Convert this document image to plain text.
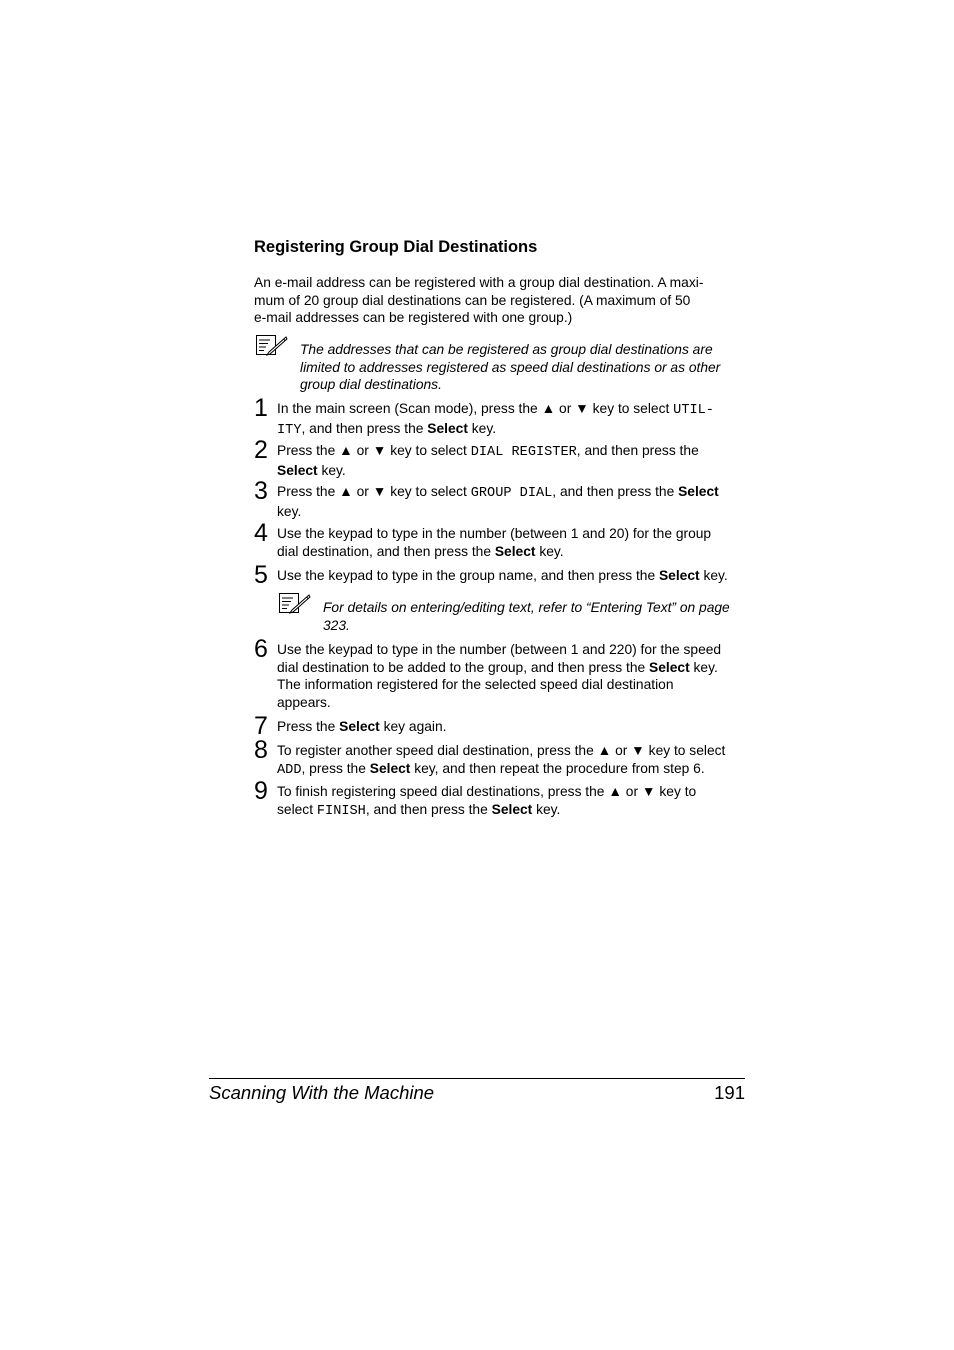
Registering Group Dial Destinations

An e-mail address can be registered with a group dial destination. A maxi-
mum of 20 group dial destinations can be registered. (A maximum of 50
e-mail addresses can be registered with one group.)

The addresses that can be registered as group dial destinations are
limited to addresses registered as speed dial destinations or as other
group dial destinations.

1 In the main screen (Scan mode), press the ▲ or ▼ key to select UTIL-
ITY, and then press the Select key.

2 Press the ▲ or ▼ key to select DIAL REGISTER, and then press the
Select key.

3 Press the ▲ or ▼ key to select GROUP DIAL, and then press the Select
key.

4 Use the keypad to type in the number (between 1 and 20) for the group
dial destination, and then press the Select key.

5 Use the keypad to type in the group name, and then press the Select key.

For details on entering/editing text, refer to “Entering Text” on page
323.

6 Use the keypad to type in the number (between 1 and 220) for the speed
dial destination to be added to the group, and then press the Select key.
The information registered for the selected speed dial destination
appears.

7 Press the Select key again.

8 To register another speed dial destination, press the ▲ or ▼ key to select
ADD, press the Select key, and then repeat the procedure from step 6.

9 To finish registering speed dial destinations, press the ▲ or ▼ key to
select FINISH, and then press the Select key.

Scanning With the Machine	191
